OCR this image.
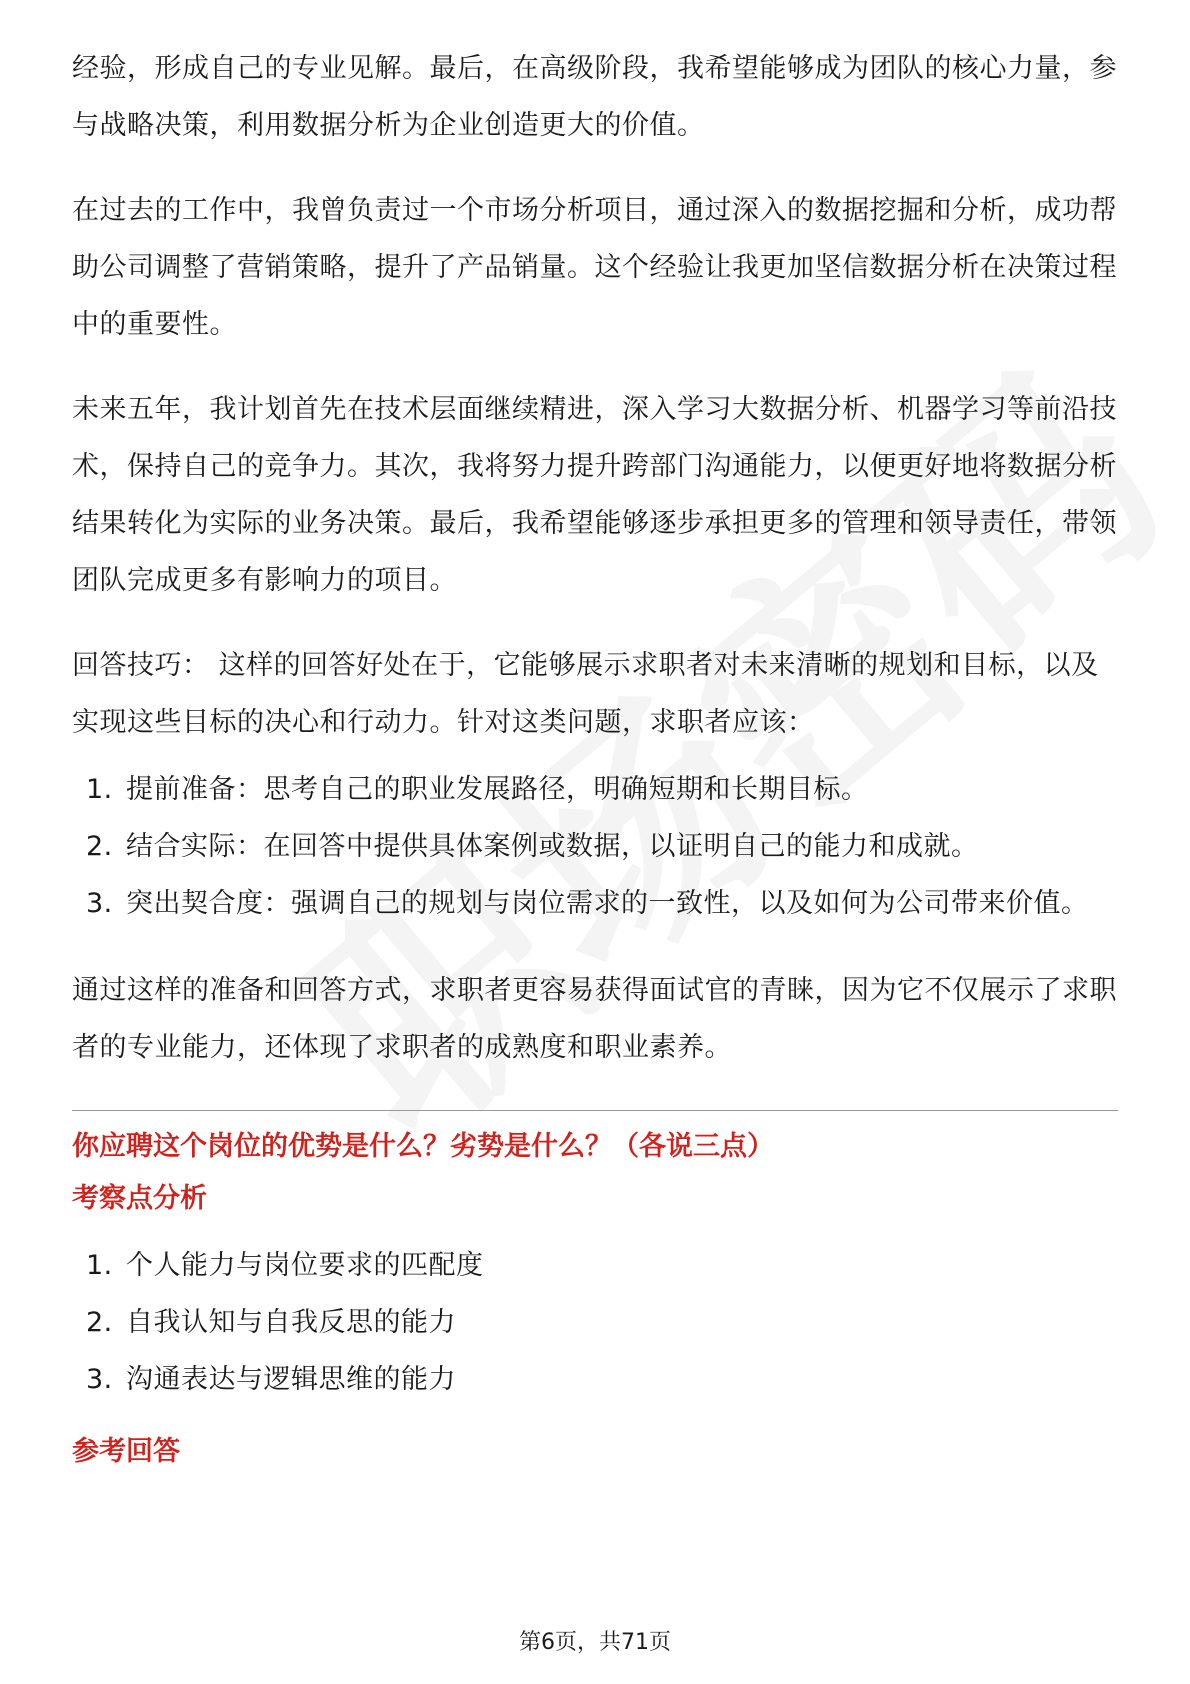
经验，形成自己的专业见解。最后，在高级阶段，我希望能够成为团队的核心力量，参与战略决策，利用数据分析为企业创造更大的价值。

在过去的工作中，我曾负责过一个市场分析项目，通过深入的数据挖掘和分析，成功帮助公司调整了营销策略，提升了产品销量。这个经验让我更加坚信数据分析在决策过程中的重要性。

未来五年，我计划首先在技术层面继续精进，深入学习大数据分析、机器学习等前沿技术，保持自己的竞争力。其次，我将努力提升跨部门沟通能力，以便更好地将数据分析结果转化为实际的业务决策。最后，我希望能够逐步承担更多的管理和领导责任，带领团队完成更多有影响力的项目。

回答技巧： 这样的回答好处在于，它能够展示求职者对未来清晰的规划和目标，以及实现这些目标的决心和行动力。针对这类问题，求职者应该：

1. 提前准备：思考自己的职业发展路径，明确短期和长期目标。
2. 结合实际：在回答中提供具体案例或数据，以证明自己的能力和成就。
3. 突出契合度：强调自己的规划与岗位需求的一致性，以及如何为公司带来价值。

通过这样的准备和回答方式，求职者更容易获得面试官的青睐，因为它不仅展示了求职者的专业能力，还体现了求职者的成熟度和职业素养。

你应聘这个岗位的优势是什么？劣势是什么？（各说三点）
考察点分析
1. 个人能力与岗位要求的匹配度
2. 自我认知与自我反思的能力
3. 沟通表达与逻辑思维的能力
参考回答
第6页，共71页
